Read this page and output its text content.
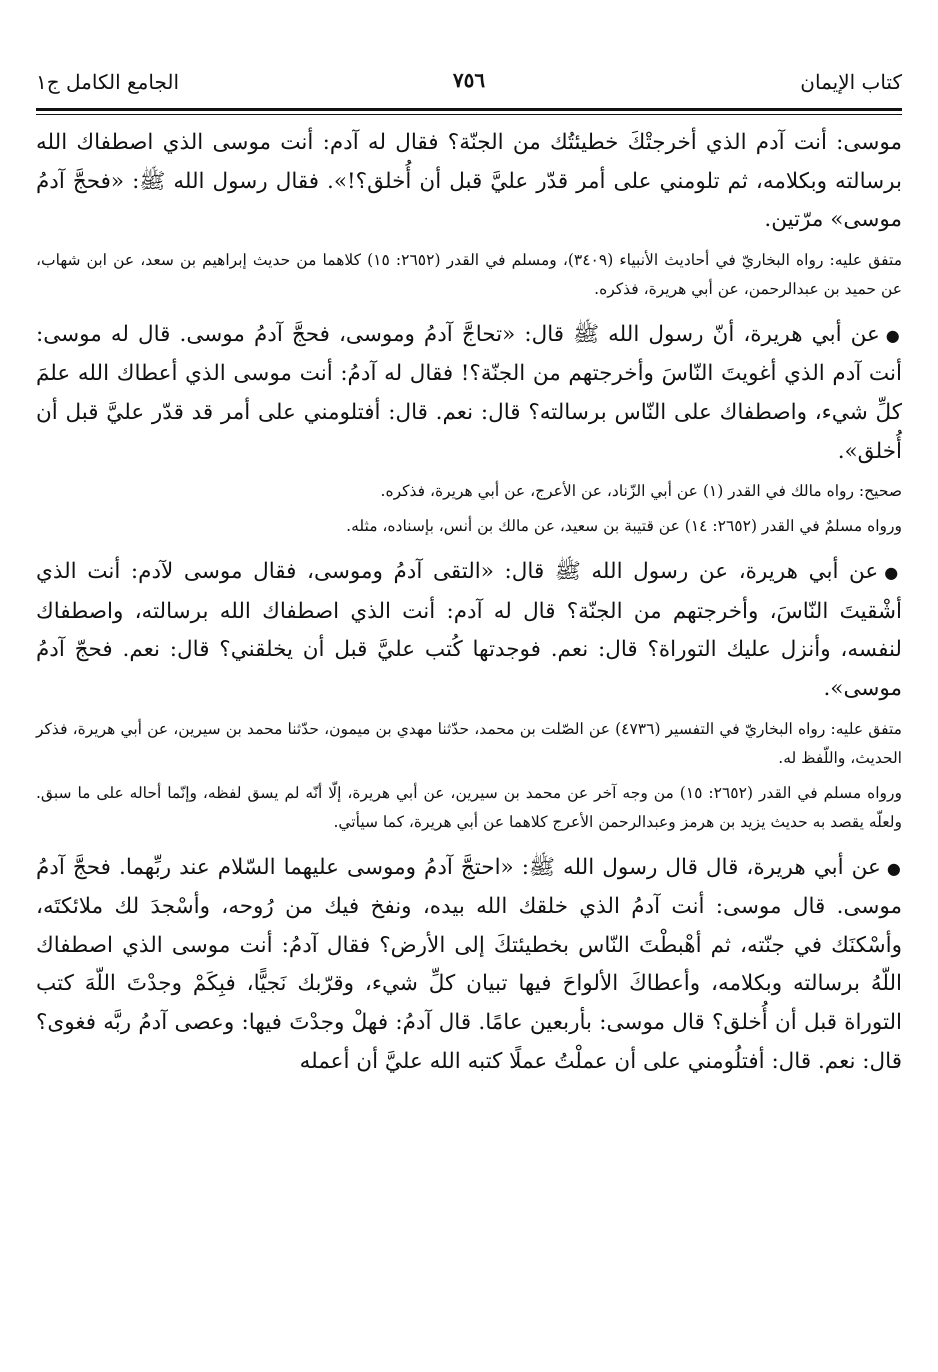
كتاب الإيمان
٧٥٦
الجامع الكامل ج١

موسى: أنت آدم الذي أخرجتْكَ خطيئتُك من الجنّة؟ فقال له آدم: أنت موسى الذي اصطفاك الله برسالته وبكلامه، ثم تلومني على أمر قدّر عليَّ قبل أن أُخلق؟!». فقال رسول الله ﷺ: «فحجَّ آدمُ موسى» مرّتين.

متفق عليه: رواه البخاريّ في أحاديث الأنبياء (٣٤٠٩)، ومسلم في القدر (٢٦٥٢: ١٥) كلاهما من حديث إبراهيم بن سعد، عن ابن شهاب، عن حميد بن عبدالرحمن، عن أبي هريرة، فذكره.

●عن أبي هريرة، أنّ رسول الله ﷺ قال: «تحاجَّ آدمُ وموسى، فحجَّ آدمُ موسى. قال له موسى: أنت آدم الذي أغويتَ النّاسَ وأخرجتهم من الجنّة؟! فقال له آدمُ: أنت موسى الذي أعطاك الله علمَ كلِّ شيء، واصطفاك على النّاس برسالته؟ قال: نعم. قال: أفتلومني على أمر قد قدّر عليَّ قبل أن أُخلق».

صحيح: رواه مالك في القدر (١) عن أبي الزّناد، عن الأعرج، عن أبي هريرة، فذكره.

ورواه مسلمٌ في القدر (٢٦٥٢: ١٤) عن قتيبة بن سعيد، عن مالك بن أنس، بإسناده، مثله.

●عن أبي هريرة، عن رسول الله ﷺ قال: «التقى آدمُ وموسى، فقال موسى لآدم: أنت الذي أشْقيتَ النّاسَ، وأخرجتهم من الجنّة؟ قال له آدم: أنت الذي اصطفاك الله برسالته، واصطفاك لنفسه، وأنزل عليك التوراة؟ قال: نعم. فوجدتها كُتب عليَّ قبل أن يخلقني؟ قال: نعم. فحجّ آدمُ موسى».

متفق عليه: رواه البخاريّ في التفسير (٤٧٣٦) عن الصّلت بن محمد، حدّثنا مهدي بن ميمون، حدّثنا محمد بن سيرين، عن أبي هريرة، فذكر الحديث، واللّفظ له.

ورواه مسلم في القدر (٢٦٥٢: ١٥) من وجه آخر عن محمد بن سيرين، عن أبي هريرة، إلّا أنّه لم يسق لفظه، وإنّما أحاله على ما سبق. ولعلّه يقصد به حديث يزيد بن هرمز وعبدالرحمن الأعرج كلاهما عن أبي هريرة، كما سيأتي.

●عن أبي هريرة، قال قال رسول الله ﷺ: «احتجَّ آدمُ وموسى عليهما السّلام عند ربِّهما. فحجَّ آدمُ موسى. قال موسى: أنت آدمُ الذي خلقك الله بيده، ونفخ فيك من رُوحه، وأسْجدَ لك ملائكتَه، وأسْكنَك في جنّته، ثم أهْبطْتَ النّاس بخطيئتكَ إلى الأرض؟ فقال آدمُ: أنت موسى الذي اصطفاك اللّهُ برسالته وبكلامه، وأعطاكَ الألواحَ فيها تبيان كلِّ شيء، وقرّبك نَجيًّا، فبِكَمْ وجدْتَ اللّهَ كتب التوراة قبل أن أُخلق؟ قال موسى: بأربعين عامًا. قال آدمُ: فهلْ وجدْتَ فيها: وعصى آدمُ ربَّه فغوى؟ قال: نعم. قال: أفتلُومني على أن عملْتُ عملًا كتبه الله عليَّ أن أعمله
